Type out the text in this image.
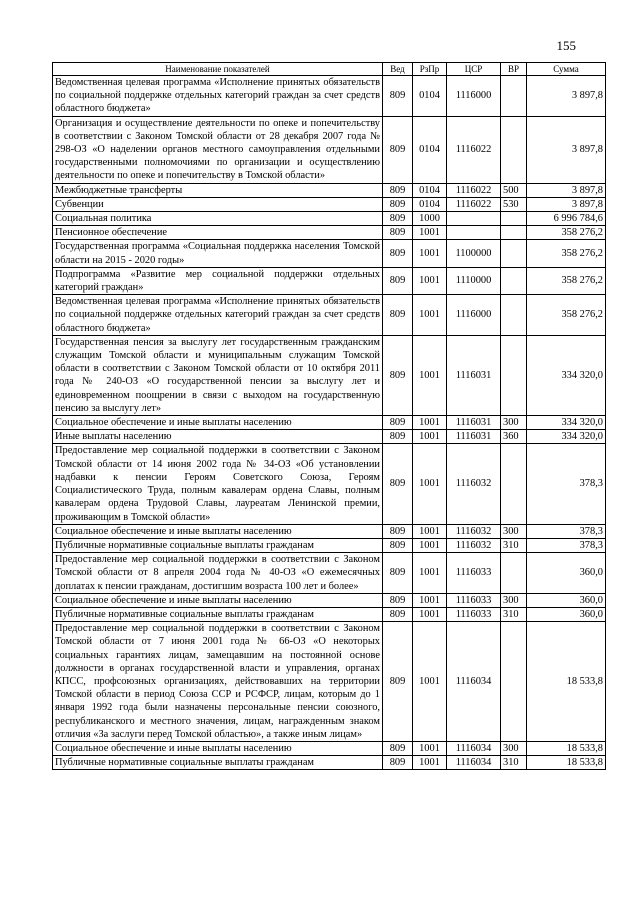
155
Наименование показателей	Вед	РзПр	ЦСР	ВР	Сумма
Ведомственная целевая программа «Исполнение принятых обязательств по социальной поддержке отдельных категорий граждан за счет средств областного бюджета»	809	0104	1116000		3 897,8
Организация и осуществление деятельности по опеке и попечительству в соответствии с Законом Томской области от 28 декабря 2007 года № 298-ОЗ «О наделении органов местного самоуправления отдельными государственными полномочиями по организации и осуществлению деятельности по опеке и попечительству в Томской области»	809	0104	1116022		3 897,8
Межбюджетные трансферты	809	0104	1116022	500	3 897,8
Субвенции	809	0104	1116022	530	3 897,8
Социальная политика	809	1000			6 996 784,6
Пенсионное обеспечение	809	1001			358 276,2
Государственная программа «Социальная поддержка населения Томской области на 2015 - 2020 годы»	809	1001	1100000		358 276,2
Подпрограмма «Развитие мер социальной поддержки отдельных категорий граждан»	809	1001	1110000		358 276,2
Ведомственная целевая программа «Исполнение принятых обязательств по социальной поддержке отдельных категорий граждан за счет средств областного бюджета»	809	1001	1116000		358 276,2
Государственная пенсия за выслугу лет государственным гражданским служащим Томской области и муниципальным служащим Томской области в соответствии с Законом Томской области от 10 октября 2011 года № 240-ОЗ «О государственной пенсии за выслугу лет и единовременном поощрении в связи с выходом на государственную пенсию за выслугу лет»	809	1001	1116031		334 320,0
Социальное обеспечение и иные выплаты населению	809	1001	1116031	300	334 320,0
Иные выплаты населению	809	1001	1116031	360	334 320,0
Предоставление мер социальной поддержки в соответствии с Законом Томской области от 14 июня 2002 года № 34-ОЗ «Об установлении надбавки к пенсии Героям Советского Союза, Героям Социалистического Труда, полным кавалерам ордена Славы, полным кавалерам ордена Трудовой Славы, лауреатам Ленинской премии, проживающим в Томской области»	809	1001	1116032		378,3
Социальное обеспечение и иные выплаты населению	809	1001	1116032	300	378,3
Публичные нормативные социальные выплаты гражданам	809	1001	1116032	310	378,3
Предоставление мер социальной поддержки в соответствии с Законом Томской области от 8 апреля 2004 года № 40-ОЗ «О ежемесячных доплатах к пенсии гражданам, достигшим возраста 100 лет и более»	809	1001	1116033		360,0
Социальное обеспечение и иные выплаты населению	809	1001	1116033	300	360,0
Публичные нормативные социальные выплаты гражданам	809	1001	1116033	310	360,0
Предоставление мер социальной поддержки в соответствии с Законом Томской области от 7 июня 2001 года № 66-ОЗ «О некоторых социальных гарантиях лицам, замещавшим на постоянной основе должности в органах государственной власти и управления, органах КПСС, профсоюзных организациях, действовавших на территории Томской области в период Союза ССР и РСФСР, лицам, которым до 1 января 1992 года были назначены персональные пенсии союзного, республиканского и местного значения, лицам, награжденным знаком отличия «За заслуги перед Томской областью», а также иным лицам»	809	1001	1116034		18 533,8
Социальное обеспечение и иные выплаты населению	809	1001	1116034	300	18 533,8
Публичные нормативные социальные выплаты гражданам	809	1001	1116034	310	18 533,8
